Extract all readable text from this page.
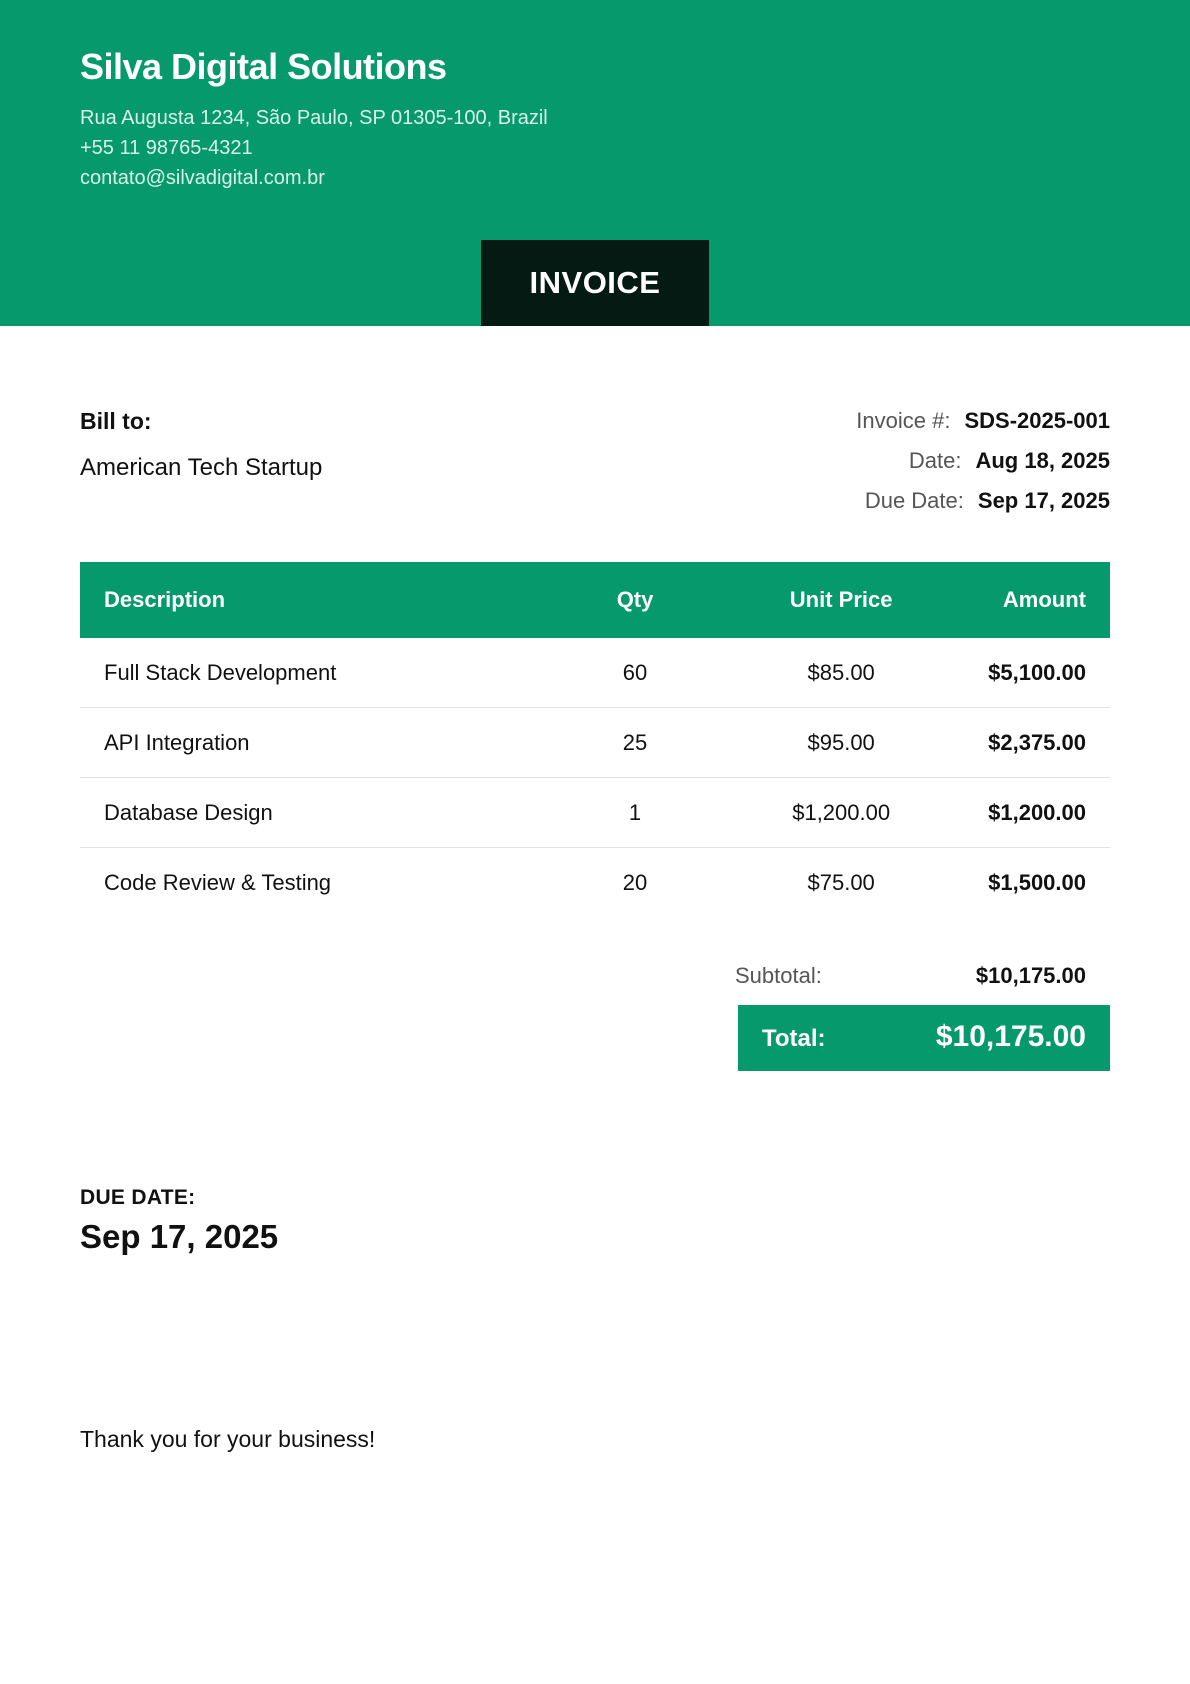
Silva Digital Solutions
Rua Augusta 1234, São Paulo, SP 01305-100, Brazil
+55 11 98765-4321
contato@silvadigital.com.br
INVOICE
Bill to:
American Tech Startup
Invoice #: SDS-2025-001
Date: Aug 18, 2025
Due Date: Sep 17, 2025
Description	Qty	Unit Price	Amount
Full Stack Development	60	$85.00	$5,100.00
API Integration	25	$95.00	$2,375.00
Database Design	1	$1,200.00	$1,200.00
Code Review & Testing	20	$75.00	$1,500.00
Subtotal:	$10,175.00
Total:	$10,175.00
DUE DATE:
Sep 17, 2025
Thank you for your business!
